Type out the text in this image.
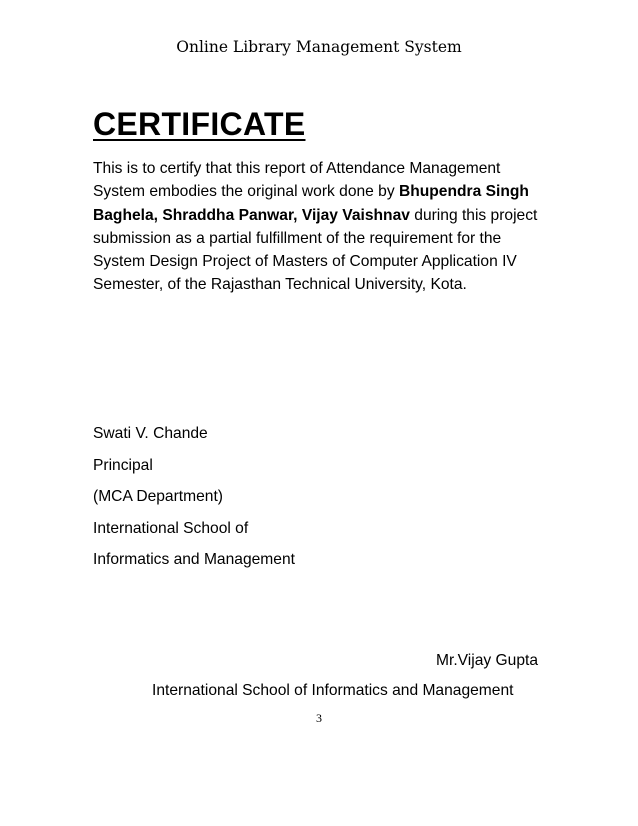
Online Library Management System
CERTIFICATE

This is to certify that this report of Attendance Management System embodies the original work done by Bhupendra Singh Baghela, Shraddha Panwar, Vijay Vaishnav during this project submission as a partial fulfillment of the requirement for the System Design Project of Masters of Computer Application IV Semester, of the Rajasthan Technical University, Kota.

Swati V. Chande
Principal
(MCA Department)
International School of
Informatics and Management
Mr.Vijay Gupta
International School of Informatics and Management
3
